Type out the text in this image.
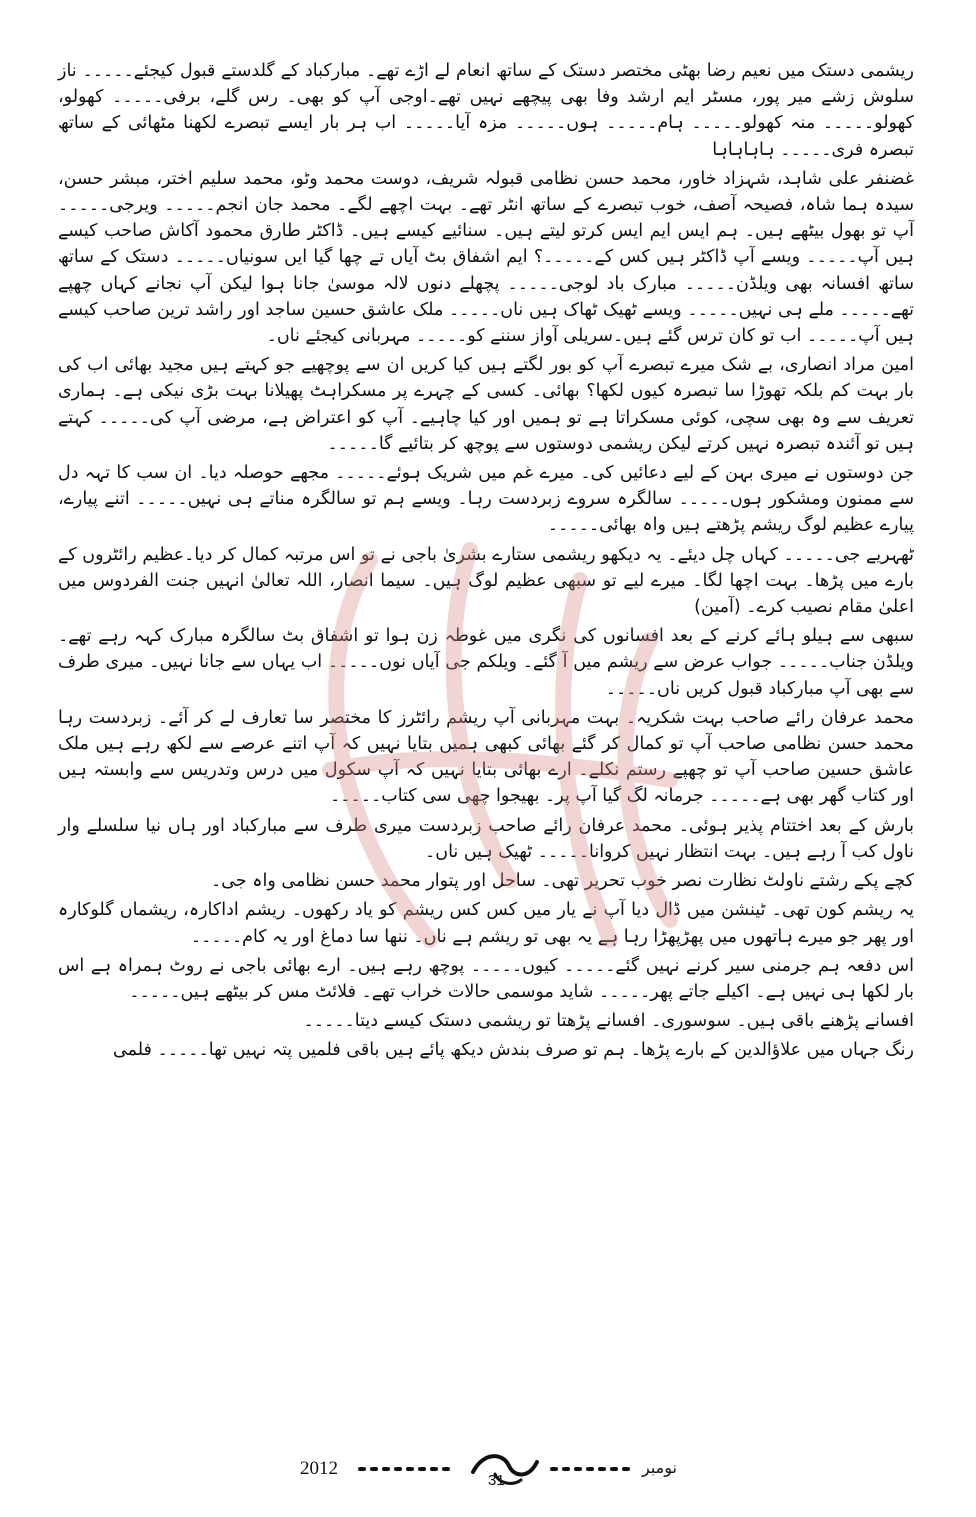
ریشمی دستک میں نعیم رضا بھٹی مختصر دستک کے ساتھ انعام لے اڑے تھے۔ مبارکباد کے گلدستے قبول کیجئے۔۔۔۔۔ ناز سلوش زشے میر پور، مسٹر ایم ارشد وفا بھی پیچھے نہیں تھے۔اوجی آپ کو بھی۔ رس گلے، برفی۔۔۔۔۔ کھولو، کھولو۔۔۔۔۔ منہ کھولو۔۔۔۔۔ ہام۔۔۔۔۔ ہوں۔۔۔۔۔ مزہ آیا۔۔۔۔۔ اب ہر بار ایسے تبصرے لکھنا مٹھائی کے ساتھ تبصرہ فری۔۔۔۔۔ ہاہاہاہا

غضنفر علی شاہد، شہزاد خاور، محمد حسن نظامی قبولہ شریف، دوست محمد وٹو، محمد سلیم اختر، مبشر حسن، سیدہ ہما شاہ، فصیحہ آصف، خوب تبصرے کے ساتھ انٹر تھے۔ بہت اچھے لگے۔ محمد جان انجم۔۔۔۔۔ ویرجی۔۔۔۔۔ آپ تو بھول بیٹھے ہیں۔ ہم ایس ایم ایس کرتو لیتے ہیں۔ سنائیے کیسے ہیں۔ ڈاکٹر طارق محمود آکاش صاحب کیسے ہیں آپ۔۔۔۔۔ ویسے آپ ڈاکٹر ہیں کس کے۔۔۔۔۔؟ ایم اشفاق بٹ آیاں تے چھا گیا ایں سونیاں۔۔۔۔۔ دستک کے ساتھ ساتھ افسانہ بھی ویلڈن۔۔۔۔۔ مبارک باد لوجی۔۔۔۔۔ پچھلے دنوں لالہ موسیٰ جانا ہوا لیکن آپ نجانے کہاں چھپے تھے۔۔۔۔۔ ملے ہی نہیں۔۔۔۔۔ ویسے ٹھیک ٹھاک ہیں ناں۔۔۔۔۔ ملک عاشق حسین ساجد اور راشد ترین صاحب کیسے ہیں آپ۔۔۔۔۔ اب تو کان ترس گئے ہیں۔سریلی آواز سننے کو۔۔۔۔۔ مہربانی کیجئے ناں۔

امین مراد انصاری، بے شک میرے تبصرے آپ کو بور لگتے ہیں کیا کریں ان سے پوچھیے جو کہتے ہیں مجید بھائی اب کی بار بہت کم بلکہ تھوڑا سا تبصرہ کیوں لکھا؟ بھائی۔ کسی کے چہرے پر مسکراہٹ پھیلانا بہت بڑی نیکی ہے۔ ہماری تعریف سے وہ بھی سچی، کوئی مسکراتا ہے تو ہمیں اور کیا چاہیے۔ آپ کو اعتراض ہے، مرضی آپ کی۔۔۔۔۔ کہتے ہیں تو آئندہ تبصرہ نہیں کرتے لیکن ریشمی دوستوں سے پوچھ کر بتائیے گا۔۔۔۔۔

جن دوستوں نے میری بہن کے لیے دعائیں کی۔ میرے غم میں شریک ہوئے۔۔۔۔۔ مجھے حوصلہ دیا۔ ان سب کا تہہ دل سے ممنون ومشکور ہوں۔۔۔۔۔ سالگرہ سروے زبردست رہا۔ ویسے ہم تو سالگرہ مناتے ہی نہیں۔۔۔۔۔ اتنے پیارے، پیارے عظیم لوگ ریشم پڑھتے ہیں واہ بھائی۔۔۔۔۔

ٹھہریے جی۔۔۔۔۔ کہاں چل دیئے۔ یہ دیکھو ریشمی ستارے بشریٰ باجی نے تو اس مرتبہ کمال کر دیا۔عظیم رائٹروں کے بارے میں پڑھا۔ بہت اچھا لگا۔ میرے لیے تو سبھی عظیم لوگ ہیں۔ سیما انصار، اللہ تعالیٰ انہیں جنت الفردوس میں اعلیٰ مقام نصیب کرے۔ (آمین)

سبھی سے ہیلو ہائے کرنے کے بعد افسانوں کی نگری میں غوطہ زن ہوا تو اشفاق بٹ سالگرہ مبارک کہہ رہے تھے۔ ویلڈن جناب۔۔۔۔۔ جواب عرض سے ریشم میں آ گئے۔ ویلکم جی آیاں نوں۔۔۔۔۔ اب یہاں سے جانا نہیں۔ میری طرف سے بھی آپ مبارکباد قبول کریں ناں۔۔۔۔۔

محمد عرفان رائے صاحب بہت شکریہ۔ بہت مہربانی آپ ریشم رائٹرز کا مختصر سا تعارف لے کر آئے۔ زبردست رہا محمد حسن نظامی صاحب آپ تو کمال کر گئے بھائی کبھی ہمیں بتایا نہیں کہ آپ اتنے عرصے سے لکھ رہے ہیں ملک عاشق حسین صاحب آپ تو چھپے رستم نکلے۔ ارے بھائی بتایا نہیں کہ آپ سکول میں درس وتدریس سے وابستہ ہیں اور کتاب گھر بھی ہے۔۔۔۔۔ جرمانہ لگ گیا آپ پر۔ بھیجوا چھی سی کتاب۔۔۔۔۔

بارش کے بعد اختتام پذیر ہوئی۔ محمد عرفان رائے صاحب زبردست میری طرف سے مبارکباد اور ہاں نیا سلسلے وار ناول کب آ رہے ہیں۔ بہت انتظار نہیں کروانا۔۔۔۔۔ ٹھیک ہیں ناں۔

کچے پکے رشتے ناولٹ نظارت نصر خوب تحریر تھی۔ ساحل اور پتوار محمد حسن نظامی واہ جی۔

یہ ریشم کون تھی۔ ٹینشن میں ڈال دیا آپ نے یار میں کس کس ریشم کو یاد رکھوں۔ ریشم اداکارہ، ریشماں گلوکارہ اور پھر جو میرے ہاتھوں میں پھڑپھڑا رہا ہے یہ بھی تو ریشم ہے ناں۔ ننھا سا دماغ اور یہ کام۔۔۔۔۔

اس دفعہ ہم جرمنی سیر کرنے نہیں گئے۔۔۔۔۔ کیوں۔۔۔۔۔ پوچھ رہے ہیں۔ ارے بھائی باجی نے روٹ ہمراہ ہے اس بار لکھا ہی نہیں ہے۔ اکیلے جاتے پھر۔۔۔۔۔ شاید موسمی حالات خراب تھے۔ فلائٹ مس کر بیٹھے ہیں۔۔۔۔۔

افسانے پڑھنے باقی ہیں۔ سوسوری۔ افسانے پڑھتا تو ریشمی دستک کیسے دیتا۔۔۔۔۔

رنگ جہاں میں علاؤالدین کے بارے پڑھا۔ ہم تو صرف بندش دیکھ پائے ہیں باقی فلمیں پتہ نہیں تھا۔۔۔۔۔ فلمی

2012
31
نومبر
